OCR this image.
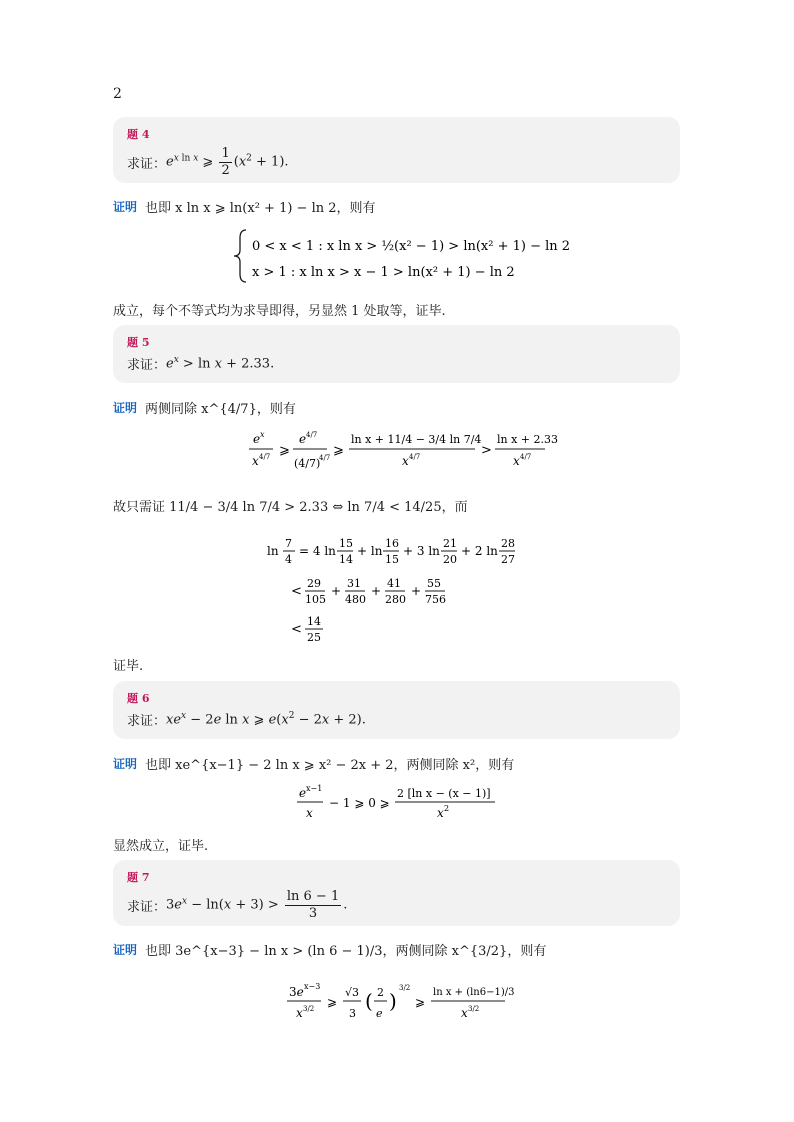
2
题 4
求证： $e^{x ln x}$ ⩾ $\frac{1}{2} (x^2 + 1)$.
证明 也即 x ln x ⩾ ln(x² + 1) − ln 2，则有
0 < x < 1 : x ln x > ½(x² − 1) > ln(x² + 1) − ln 2
x > 1 : x ln x > x − 1 > ln(x² + 1) − ln 2
成立，每个不等式均为求导即得，另显然 1 处取等，证毕.
题 5
求证： $e^x > \ln x + 2.33$.
证明 两侧同除 x^{4/7}，则有
e x
x 4/7 ⩾
e 4/7
(4/7)
4/7 ⩾
ln x + 11/4 − 3/4 ln 7/4
x 4/7	>
ln x + 2.33
x 4/7
故只需证 11/4 − 3/4 ln 7/4 > 2.33 ⇔ ln 7/4 < 14/25，而
ln
7
4
= 4 ln
15
14
+ ln
16
15
+ 3 ln
21
20
+ 2 ln
28
27
<
29
105
+
31
480
+
41
280
+
55
756
<
14
25
证毕.
题 6
求证： $xe^x - 2e$ ln x ⩾ $e(x^2 - 2x + 2)$.
证明 也即 xe^{x−1} − 2 ln x ⩾ x² − 2x + 2，两侧同除 x²，则有
e x−1
x
− 1 ⩾ 0 ⩾
2 [ln x − (x − 1)]
x 2
显然成立，证毕.
题 7
求证： $3e^x - \ln(x + 3) > \frac{\ln 6 - 1}{3}$ .
证明 也即 3e^{x−3} − ln x > (ln 6 − 1)/3，两侧同除 x^{3/2}，则有
3e x−3
x 3/2 ⩾
√3
3
( 2
e
)
3/2
⩾
ln x + (ln6−1)/3
x 3/2
